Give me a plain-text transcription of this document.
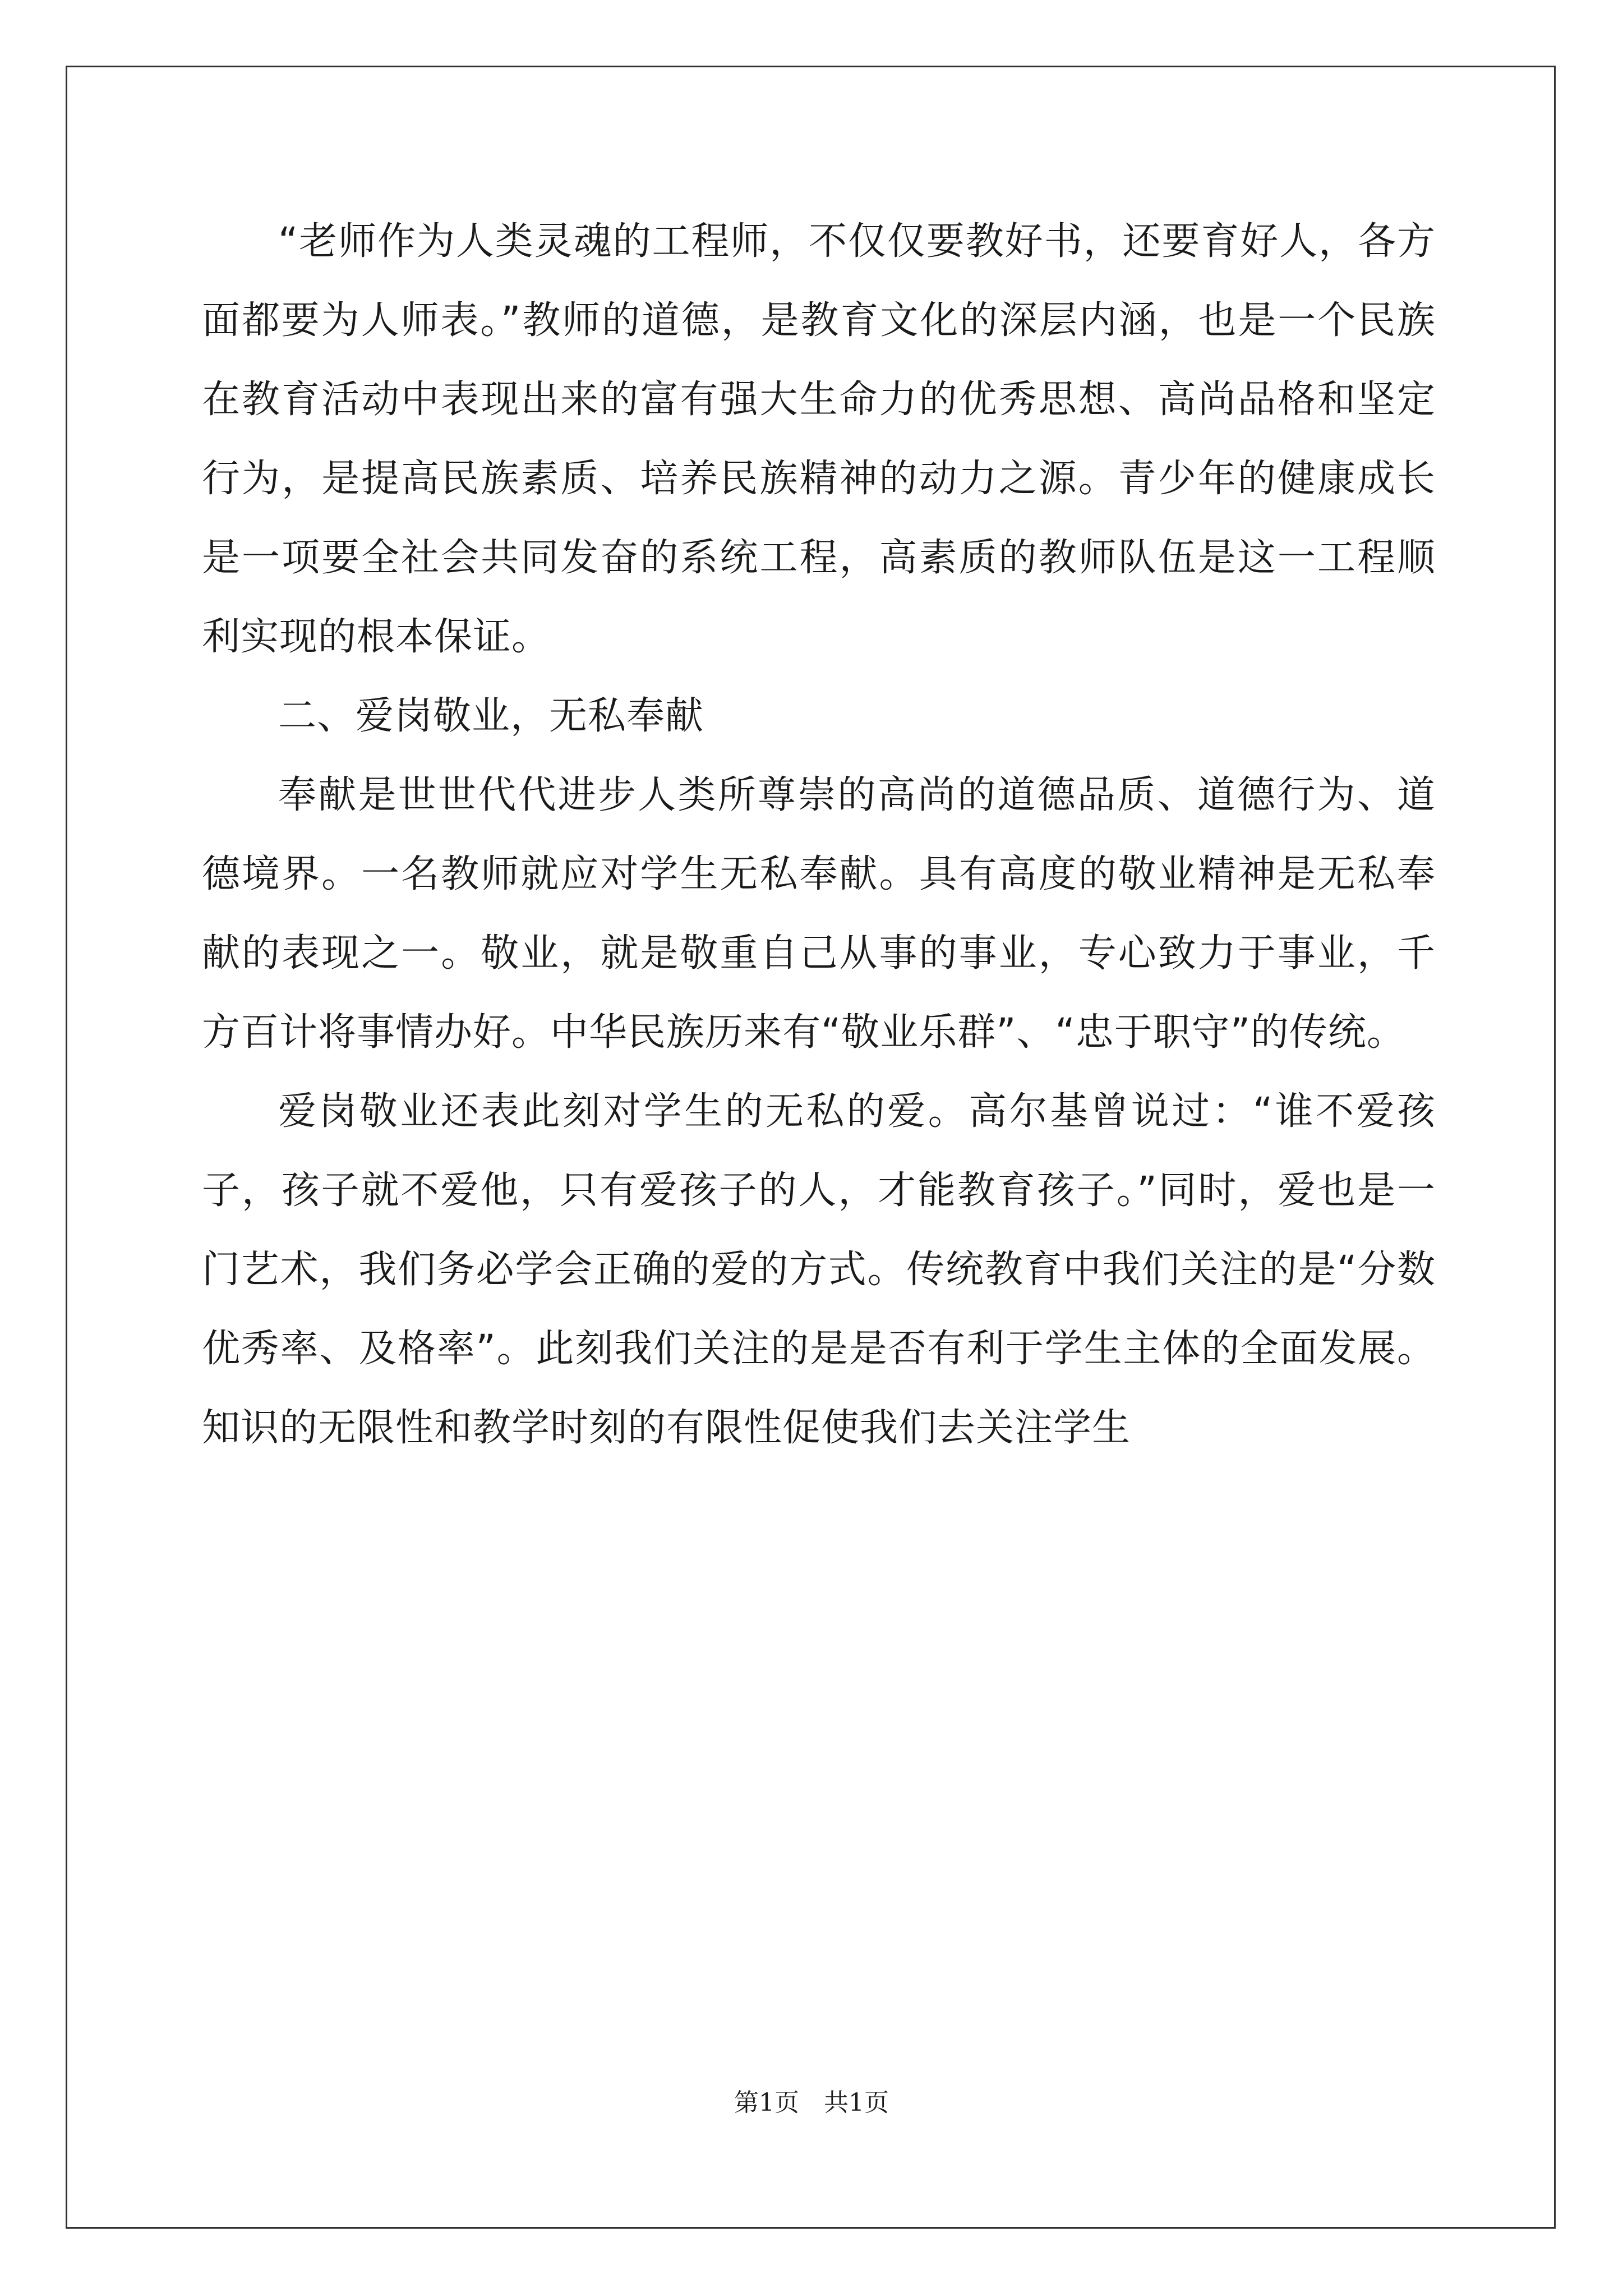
“老师作为人类灵魂的工程师，不仅仅要教好书，还要育好人，各方面都要为人师表。”教师的道德，是教育文化的深层内涵，也是一个民族在教育活动中表现出来的富有强大生命力的优秀思想、高尚品格和坚定行为，是提高民族素质、培养民族精神的动力之源。青少年的健康成长是一项要全社会共同发奋的系统工程，高素质的教师队伍是这一工程顺利实现的根本保证。

二、爱岗敬业，无私奉献

奉献是世世代代进步人类所尊崇的高尚的道德品质、道德行为、道德境界。一名教师就应对学生无私奉献。具有高度的敬业精神是无私奉献的表现之一。敬业，就是敬重自己从事的事业，专心致力于事业，千方百计将事情办好。中华民族历来有“敬业乐群”、“忠于职守”的传统。

爱岗敬业还表此刻对学生的无私的爱。高尔基曾说过：“谁不爱孩子，孩子就不爱他，只有爱孩子的人，才能教育孩子。”同时，爱也是一门艺术，我们务必学会正确的爱的方式。传统教育中我们关注的是“分数优秀率、及格率”。此刻我们关注的是是否有利于学生主体的全面发展。知识的无限性和教学时刻的有限性促使我们去关注学生

第1页 共1页
